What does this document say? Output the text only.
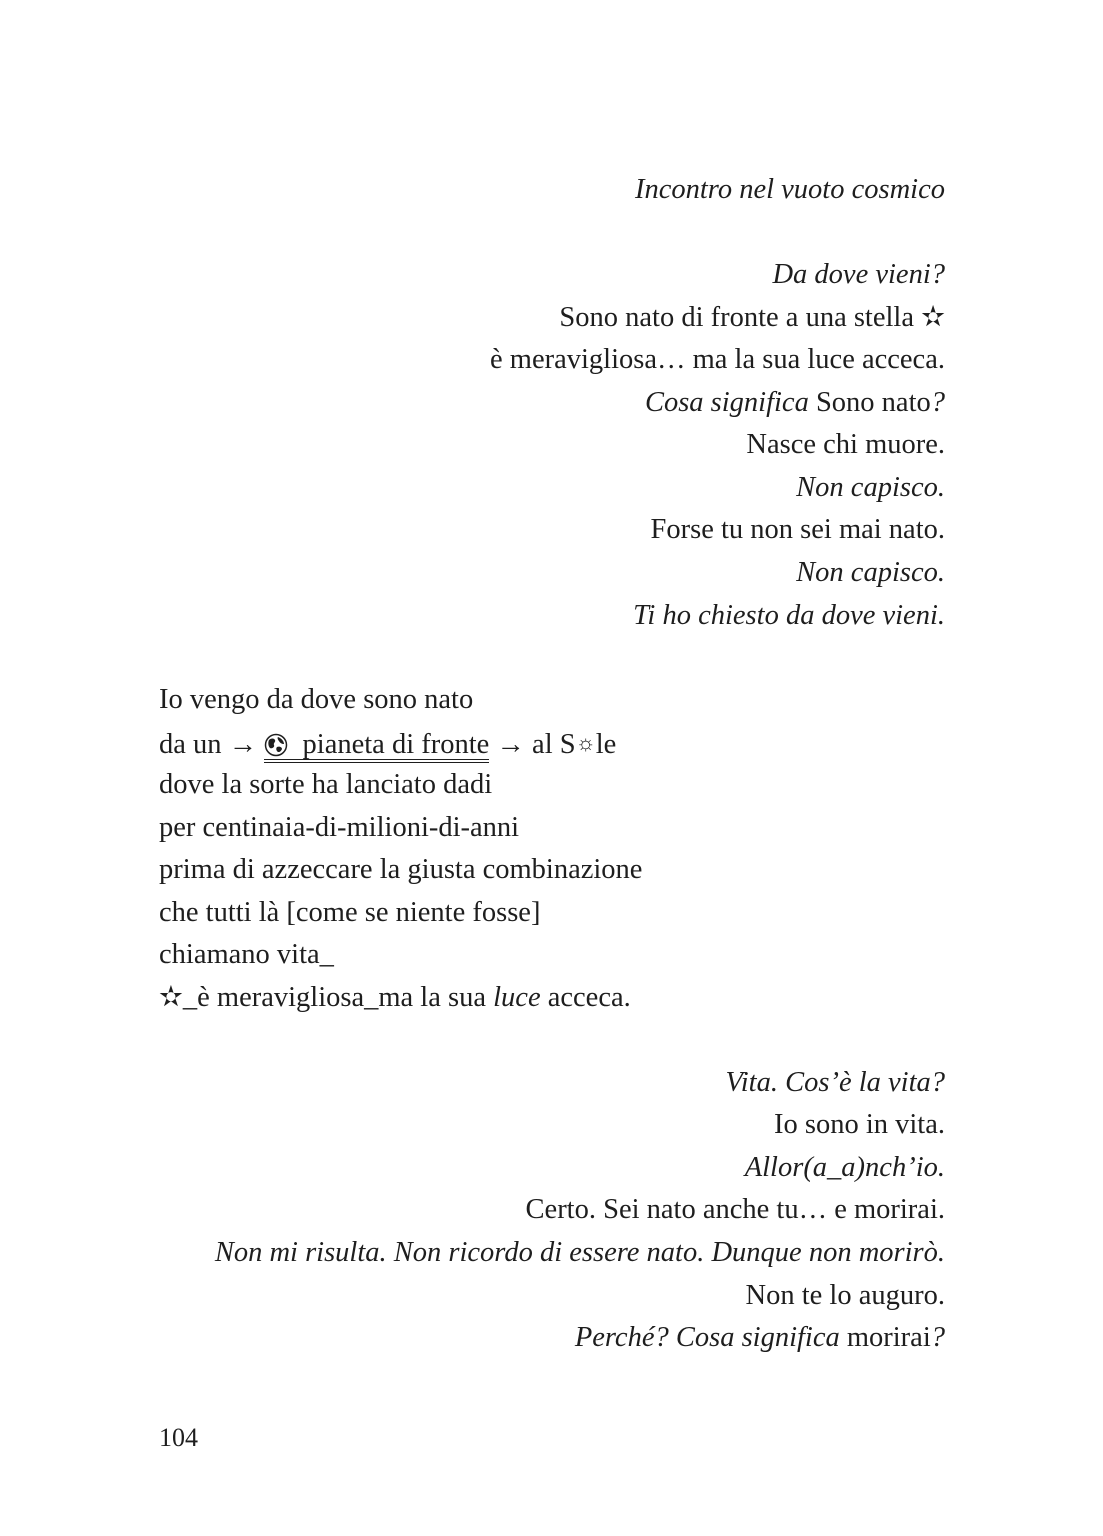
Incontro nel vuoto cosmico
Da dove vieni?
Sono nato di fronte a una stella ✫
è meravigliosa… ma la sua luce acceca.
Cosa significa Sono nato?
Nasce chi muore.
Non capisco.
Forse tu non sei mai nato.
Non capisco.
Ti ho chiesto da dove vieni.
Io vengo da dove sono nato
da un → pianeta di fronte → al S☼le
dove la sorte ha lanciato dadi
per centinaia-di-milioni-di-anni
prima di azzeccare la giusta combinazione
che tutti là [come se niente fosse]
chiamano vita_
✫_è meravigliosa_ma la sua luce acceca.
Vita. Cos’è la vita?
Io sono in vita.
Allor(a_a)nch’io.
Certo. Sei nato anche tu… e morirai.
Non mi risulta. Non ricordo di essere nato. Dunque non morirò.
Non te lo auguro.
Perché? Cosa significa morirai?
104
